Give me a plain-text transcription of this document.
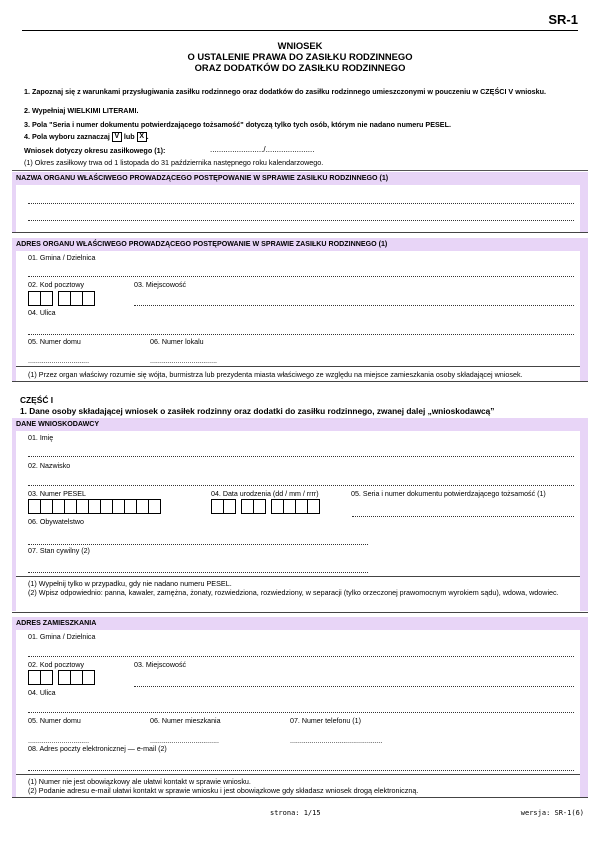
SR-1
WNIOSEK
O USTALENIE PRAWA DO ZASIŁKU RODZINNEGO
ORAZ DODATKÓW DO ZASIŁKU RODZINNEGO
1. Zapoznaj się z warunkami przysługiwania zasiłku rodzinnego oraz dodatków do zasiłku rodzinnego umieszczonymi w pouczeniu w CZĘŚCI V wniosku.
2. Wypełniaj WIELKIMI LITERAMI.
3. Pola "Seria i numer dokumentu potwierdzającego tożsamość" dotyczą tylko tych osób, którym nie nadano numeru PESEL.
4. Pola wyboru zaznaczaj V lub X .
Wniosek dotyczy okresu zasiłkowego (1):	......................../......................
(1) Okres zasiłkowy trwa od 1 listopada do 31 października następnego roku kalendarzowego.
NAZWA ORGANU WŁAŚCIWEGO PROWADZĄCEGO POSTĘPOWANIE W SPRAWIE ZASIŁKU RODZINNEGO (1)
ADRES ORGANU WŁAŚCIWEGO PROWADZĄCEGO POSTĘPOWANIE W SPRAWIE ZASIŁKU RODZINNEGO (1)
01. Gmina / Dzielnica
02. Kod pocztowy	03. Miejscowość
04. Ulica
05. Numer domu	06. Numer lokalu
...............................	..................................
(1) Przez organ właściwy rozumie się wójta, burmistrza lub prezydenta miasta właściwego ze względu na miejsce zamieszkania osoby składającej wniosek.
CZĘŚĆ I
1. Dane osoby składającej wniosek o zasiłek rodzinny oraz dodatki do zasiłku rodzinnego, zwanej dalej „wnioskodawcą”
DANE WNIOSKODAWCY
01. Imię
02. Nazwisko
03. Numer PESEL	04. Data urodzenia (dd / mm / rrrr)	05. Seria i numer dokumentu potwierdzającego tożsamość (1)
06. Obywatelstwo
07. Stan cywilny (2)
(1) Wypełnij tylko w przypadku, gdy nie nadano numeru PESEL.
(2) Wpisz odpowiednio: panna, kawaler, zamężna, żonaty, rozwiedziona, rozwiedziony, w separacji (tylko orzeczonej prawomocnym wyrokiem sądu), wdowa, wdowiec.
ADRES ZAMIESZKANIA
01. Gmina / Dzielnica
02. Kod pocztowy	03. Miejscowość
04. Ulica
05. Numer domu	06. Numer mieszkania	07. Numer telefonu (1)
...............................	...................................	...............................................
08. Adres poczty elektronicznej — e-mail (2)
(1) Numer nie jest obowiązkowy ale ułatwi kontakt w sprawie wniosku.
(2) Podanie adresu e-mail ułatwi kontakt w sprawie wniosku i jest obowiązkowe gdy składasz wniosek drogą elektroniczną.
strona: 1/15	wersja: SR-1(6)
